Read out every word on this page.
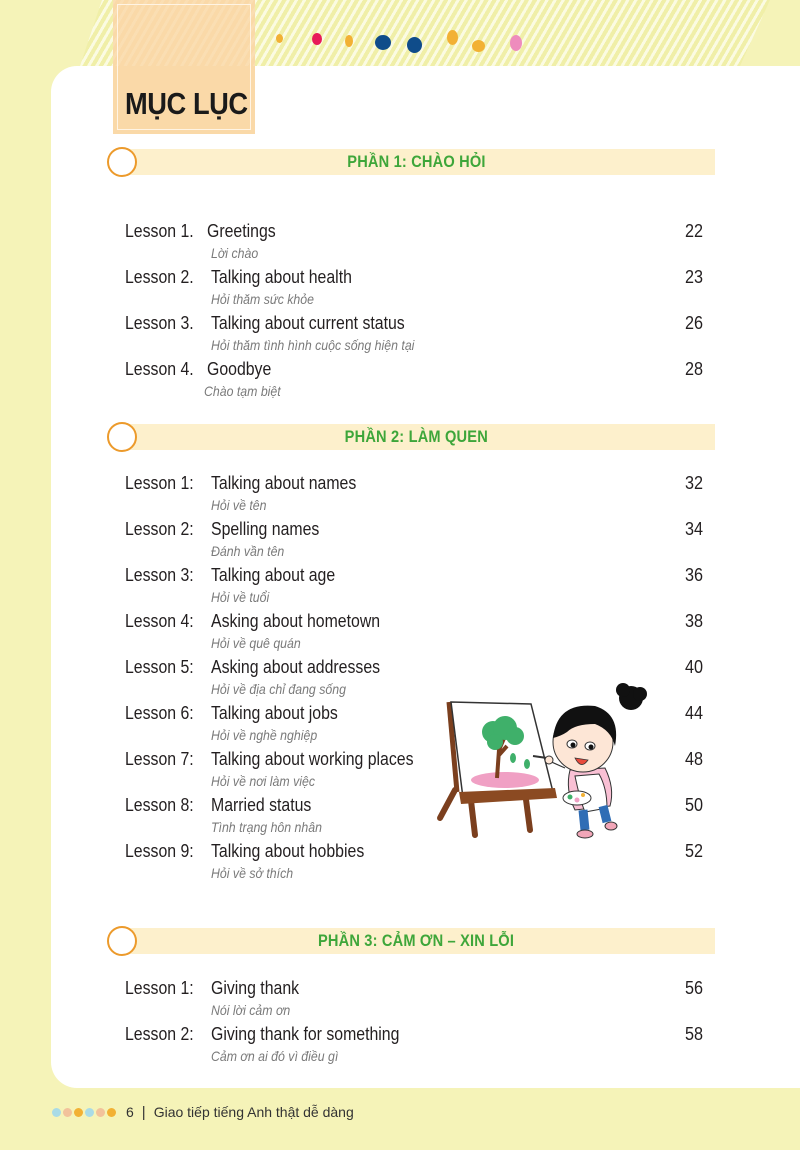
MỤC LỤC
PHẦN 1: CHÀO HỎI
Lesson 1. Greetings
Lời chào
22
Lesson 2. Talking about health
Hỏi thăm sức khỏe
23
Lesson 3. Talking about current status
Hỏi thăm tình hình cuộc sống hiện tại
26
Lesson 4. Goodbye
Chào tạm biệt
28
PHẦN 2: LÀM QUEN
Lesson 1: Talking about names
Hỏi về tên
32
Lesson 2: Spelling names
Đánh vần tên
34
Lesson 3: Talking about age
Hỏi về tuổi
36
Lesson 4: Asking about hometown
Hỏi về quê quán
38
Lesson 5: Asking about addresses
Hỏi về địa chỉ đang sống
40
Lesson 6: Talking about jobs
Hỏi về nghề nghiệp
44
Lesson 7: Talking about working places
Hỏi về nơi làm việc
48
Lesson 8: Married status
Tình trạng hôn nhân
50
Lesson 9: Talking about hobbies
Hỏi về sở thích
52
PHẦN 3: CẢM ƠN – XIN LỖI
Lesson 1: Giving thank
Nói lời cảm ơn
56
Lesson 2: Giving thank for something
Cảm ơn ai đó vì điều gì
58
6 | Giao tiếp tiếng Anh thật dễ dàng
